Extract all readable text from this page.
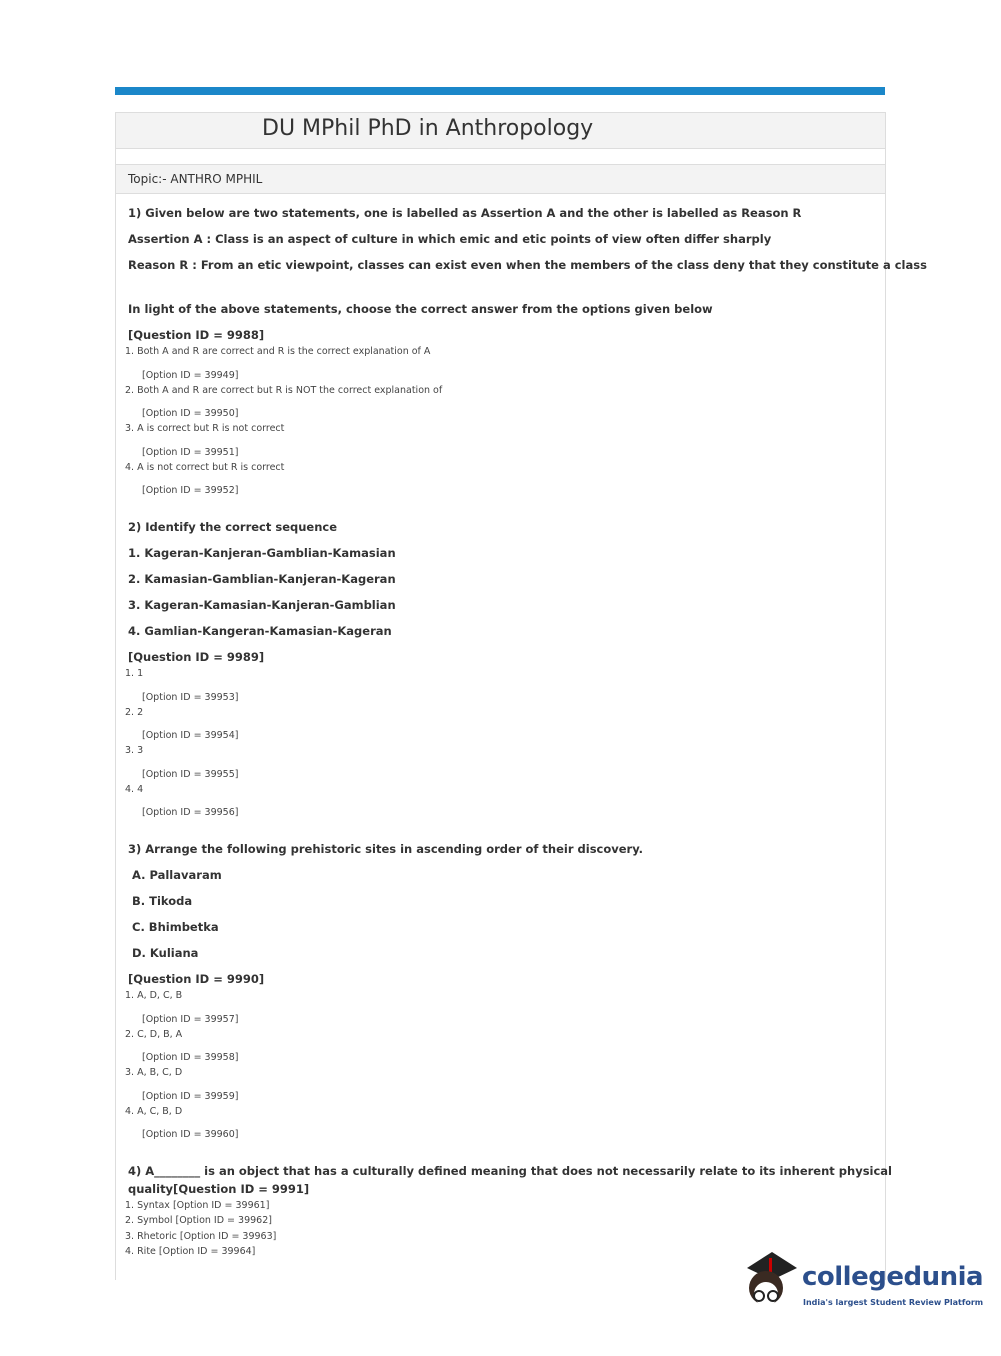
DU MPhil PhD in Anthropology
Topic:- ANTHRO MPHIL
collegedunia
India's largest Student Review Platform
1) Given below are two statements, one is labelled as Assertion A and the other is labelled as Reason R
Assertion A : Class is an aspect of culture in which emic and etic points of view often differ sharply
Reason R : From an etic viewpoint, classes can exist even when the members of the class deny that they constitute a class
In light of the above statements, choose the correct answer from the options given below
[Question ID = 9988]
1. Both A and R are correct and R is the correct explanation of A
[Option ID = 39949]
2. Both A and R are correct but R is NOT the correct explanation of
[Option ID = 39950]
3. A is correct but R is not correct
[Option ID = 39951]
4. A is not correct but R is correct
[Option ID = 39952]
2) Identify the correct sequence
1. Kageran-Kanjeran-Gamblian-Kamasian
2. Kamasian-Gamblian-Kanjeran-Kageran
3. Kageran-Kamasian-Kanjeran-Gamblian
4. Gamlian-Kangeran-Kamasian-Kageran
[Question ID = 9989]
1. 1
[Option ID = 39953]
2. 2
[Option ID = 39954]
3. 3
[Option ID = 39955]
4. 4
[Option ID = 39956]
3) Arrange the following prehistoric sites in ascending order of their discovery.
A. Pallavaram
B. Tikoda
C. Bhimbetka
D. Kuliana
[Question ID = 9990]
1. A, D, C, B
[Option ID = 39957]
2. C, D, B, A
[Option ID = 39958]
3. A, B, C, D
[Option ID = 39959]
4. A, C, B, D
[Option ID = 39960]
4) A________ is an object that has a culturally defined meaning that does not necessarily relate to its inherent physical
quality[Question ID = 9991]
1. Syntax [Option ID = 39961]
2. Symbol [Option ID = 39962]
3. Rhetoric [Option ID = 39963]
4. Rite [Option ID = 39964]
